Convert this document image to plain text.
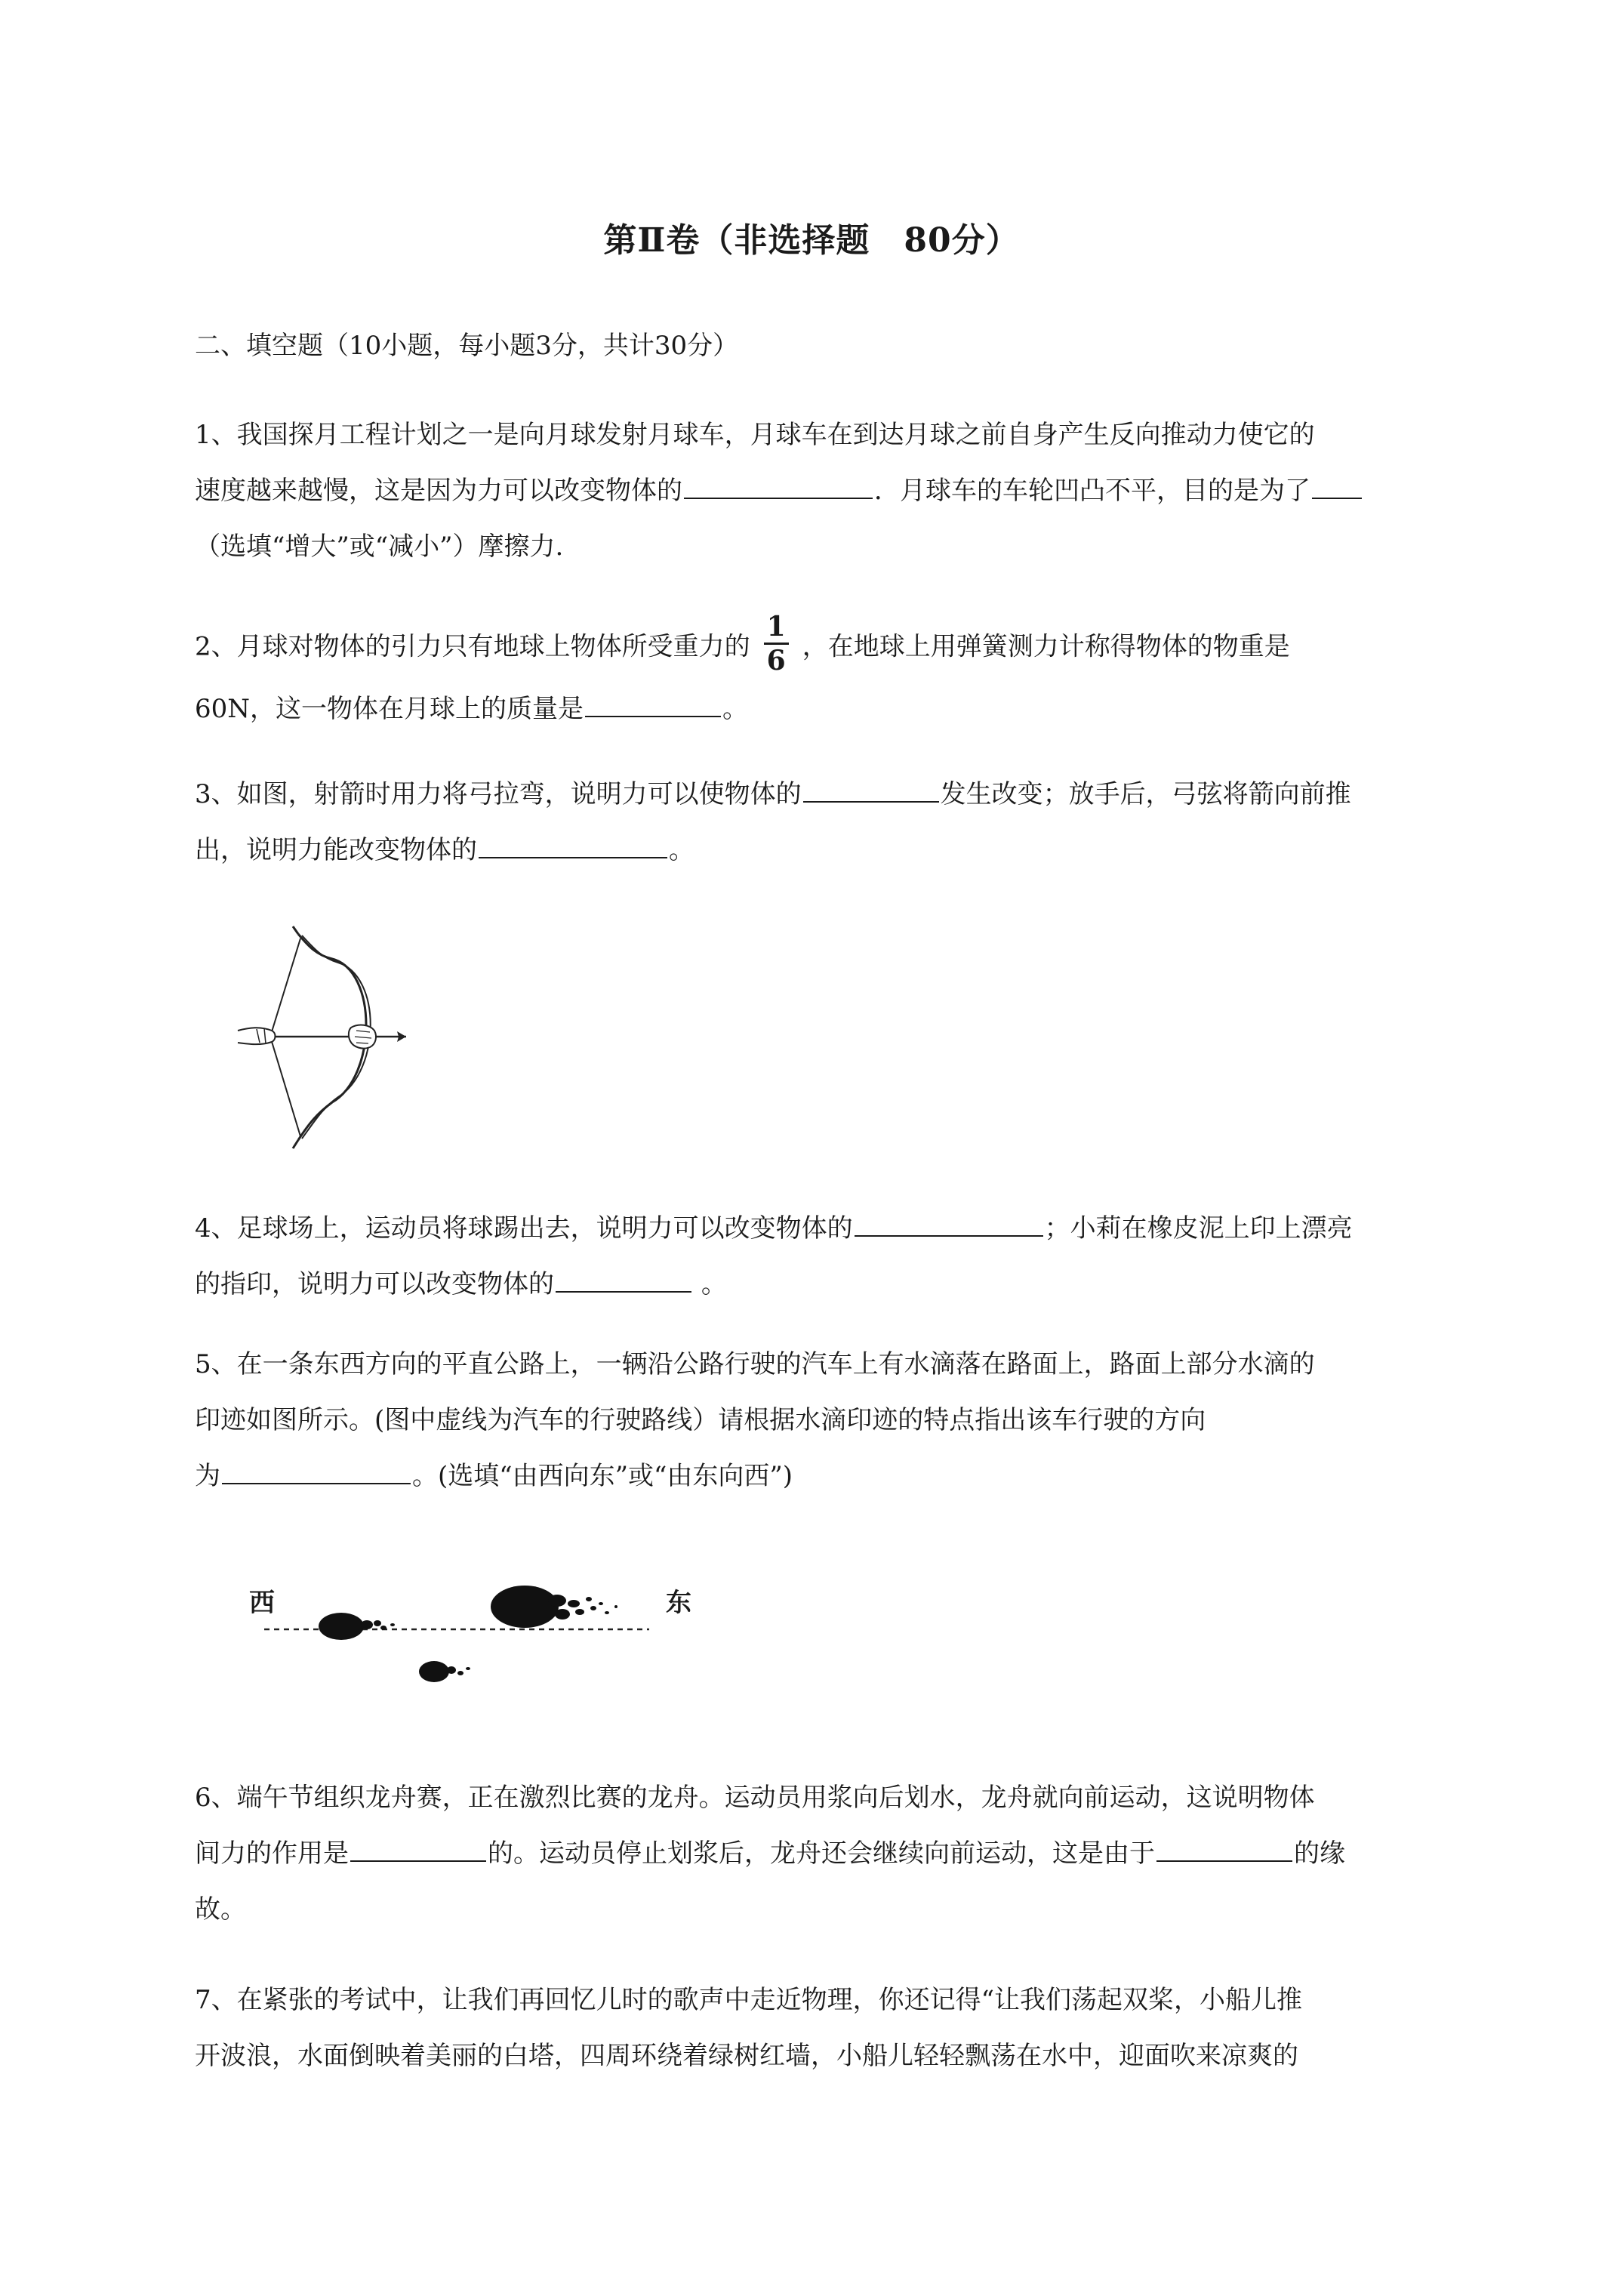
第Ⅱ卷（非选择题　80分）
二、填空题（10小题，每小题3分，共计30分）
1、我国探月工程计划之一是向月球发射月球车，月球车在到达月球之前自身产生反向推动力使它的
速度越来越慢，这是因为力可以改变物体的	．月球车的车轮凹凸不平，目的是为了
（选填“增大”或“减小”）摩擦力.
2、月球对物体的引力只有地球上物体所受重力的 $\frac{1}{6}$ ，在地球上用弹簧测力计称得物体的物重是
60N，这一物体在月球上的质量是	。
3、如图，射箭时用力将弓拉弯，说明力可以使物体的	发生改变；放手后，弓弦将箭向前推
出，说明力能改变物体的	。
4、足球场上，运动员将球踢出去，说明力可以改变物体的	；小莉在橡皮泥上印上漂亮
的指印，说明力可以改变物体的	。
5、在一条东西方向的平直公路上，一辆沿公路行驶的汽车上有水滴落在路面上，路面上部分水滴的
印迹如图所示。(图中虚线为汽车的行驶路线）请根据水滴印迹的特点指出该车行驶的方向
为	。(选填“由西向东”或“由东向西”)
西	东
6、端午节组织龙舟赛，正在激烈比赛的龙舟。运动员用浆向后划水，龙舟就向前运动，这说明物体
间力的作用是	的。运动员停止划浆后，龙舟还会继续向前运动，这是由于	的缘
故。
7、在紧张的考试中，让我们再回忆儿时的歌声中走近物理，你还记得“让我们荡起双桨，小船儿推
开波浪，水面倒映着美丽的白塔，四周环绕着绿树红墙，小船儿轻轻飘荡在水中，迎面吹来凉爽的
